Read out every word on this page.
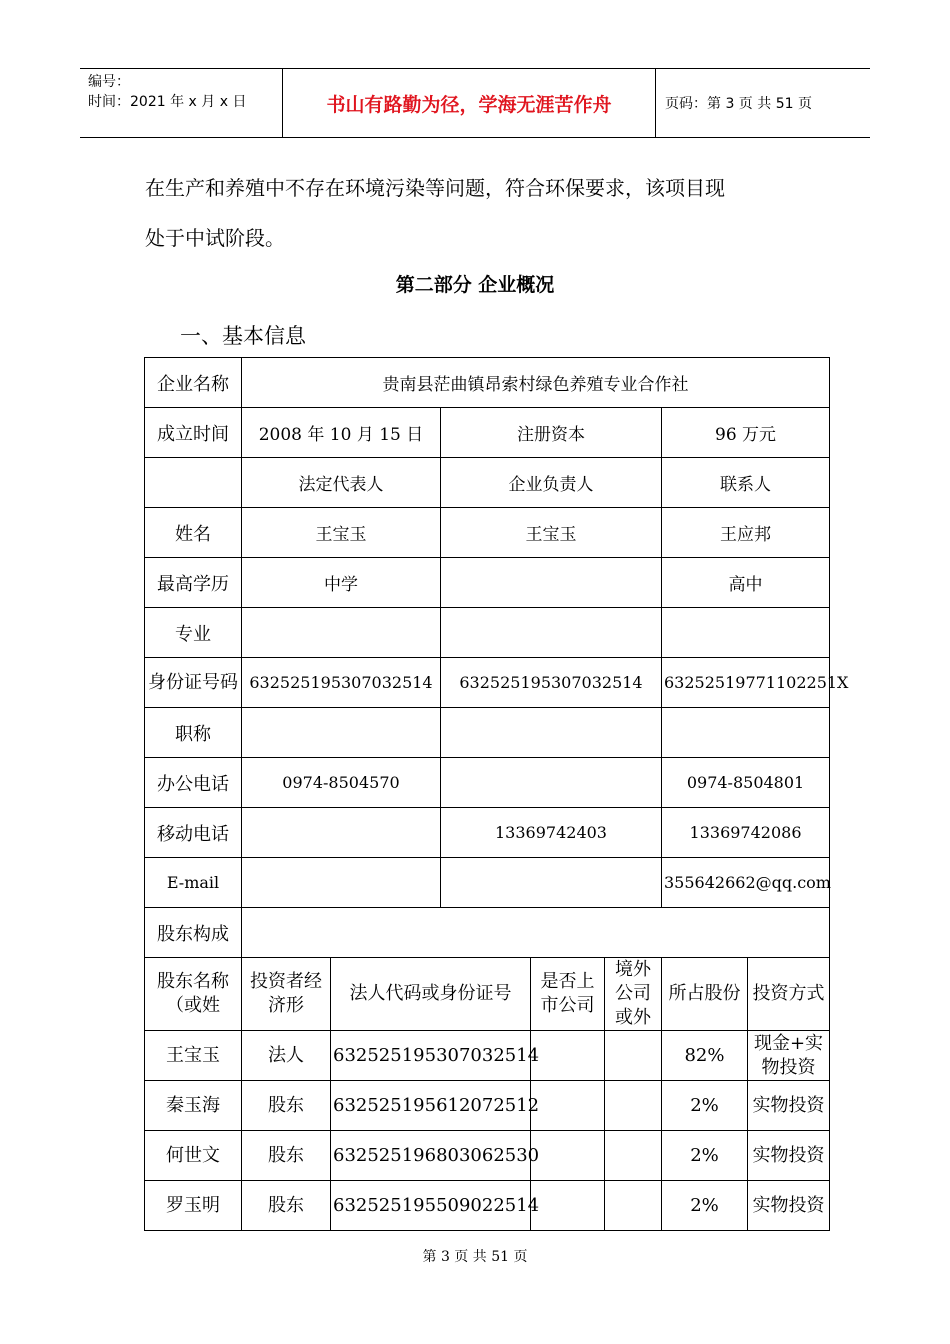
编号：
时间：2021 年 x 月 x 日	书山有路勤为径，学海无涯苦作舟	页码：第 3 页 共 51 页
在生产和养殖中不存在环境污染等问题，符合环保要求，该项目现
处于中试阶段。
第二部分 企业概况
一、基本信息
企业名称	贵南县茫曲镇昂索村绿色养殖专业合作社						
成立时间	2008 年 10 月 15 日		注册资本			96 万元	
	法定代表人		企业负责人			联系人	
姓名	王宝玉		王宝玉			王应邦	
最高学历	中学					高中	
专业							
身份证号码	632525195307032514		632525195307032514			63252519771102251X	
职称							
办公电话	0974-8504570					0974-8504801	
移动电话			13369742403			13369742086	
E-mail						355642662@qq.com	
股东构成							
股东名称（或姓	投资者经济形	法人代码或身份证号		是否上市公司	境外公司或外	所占股份	投资方式
王宝玉	法人	632525195307032514				82%	现金+实物投资
秦玉海	股东	632525195612072512				2%	实物投资
何世文	股东	632525196803062530				2%	实物投资
罗玉明	股东	632525195509022514				2%	实物投资
第 3 页 共 51 页
